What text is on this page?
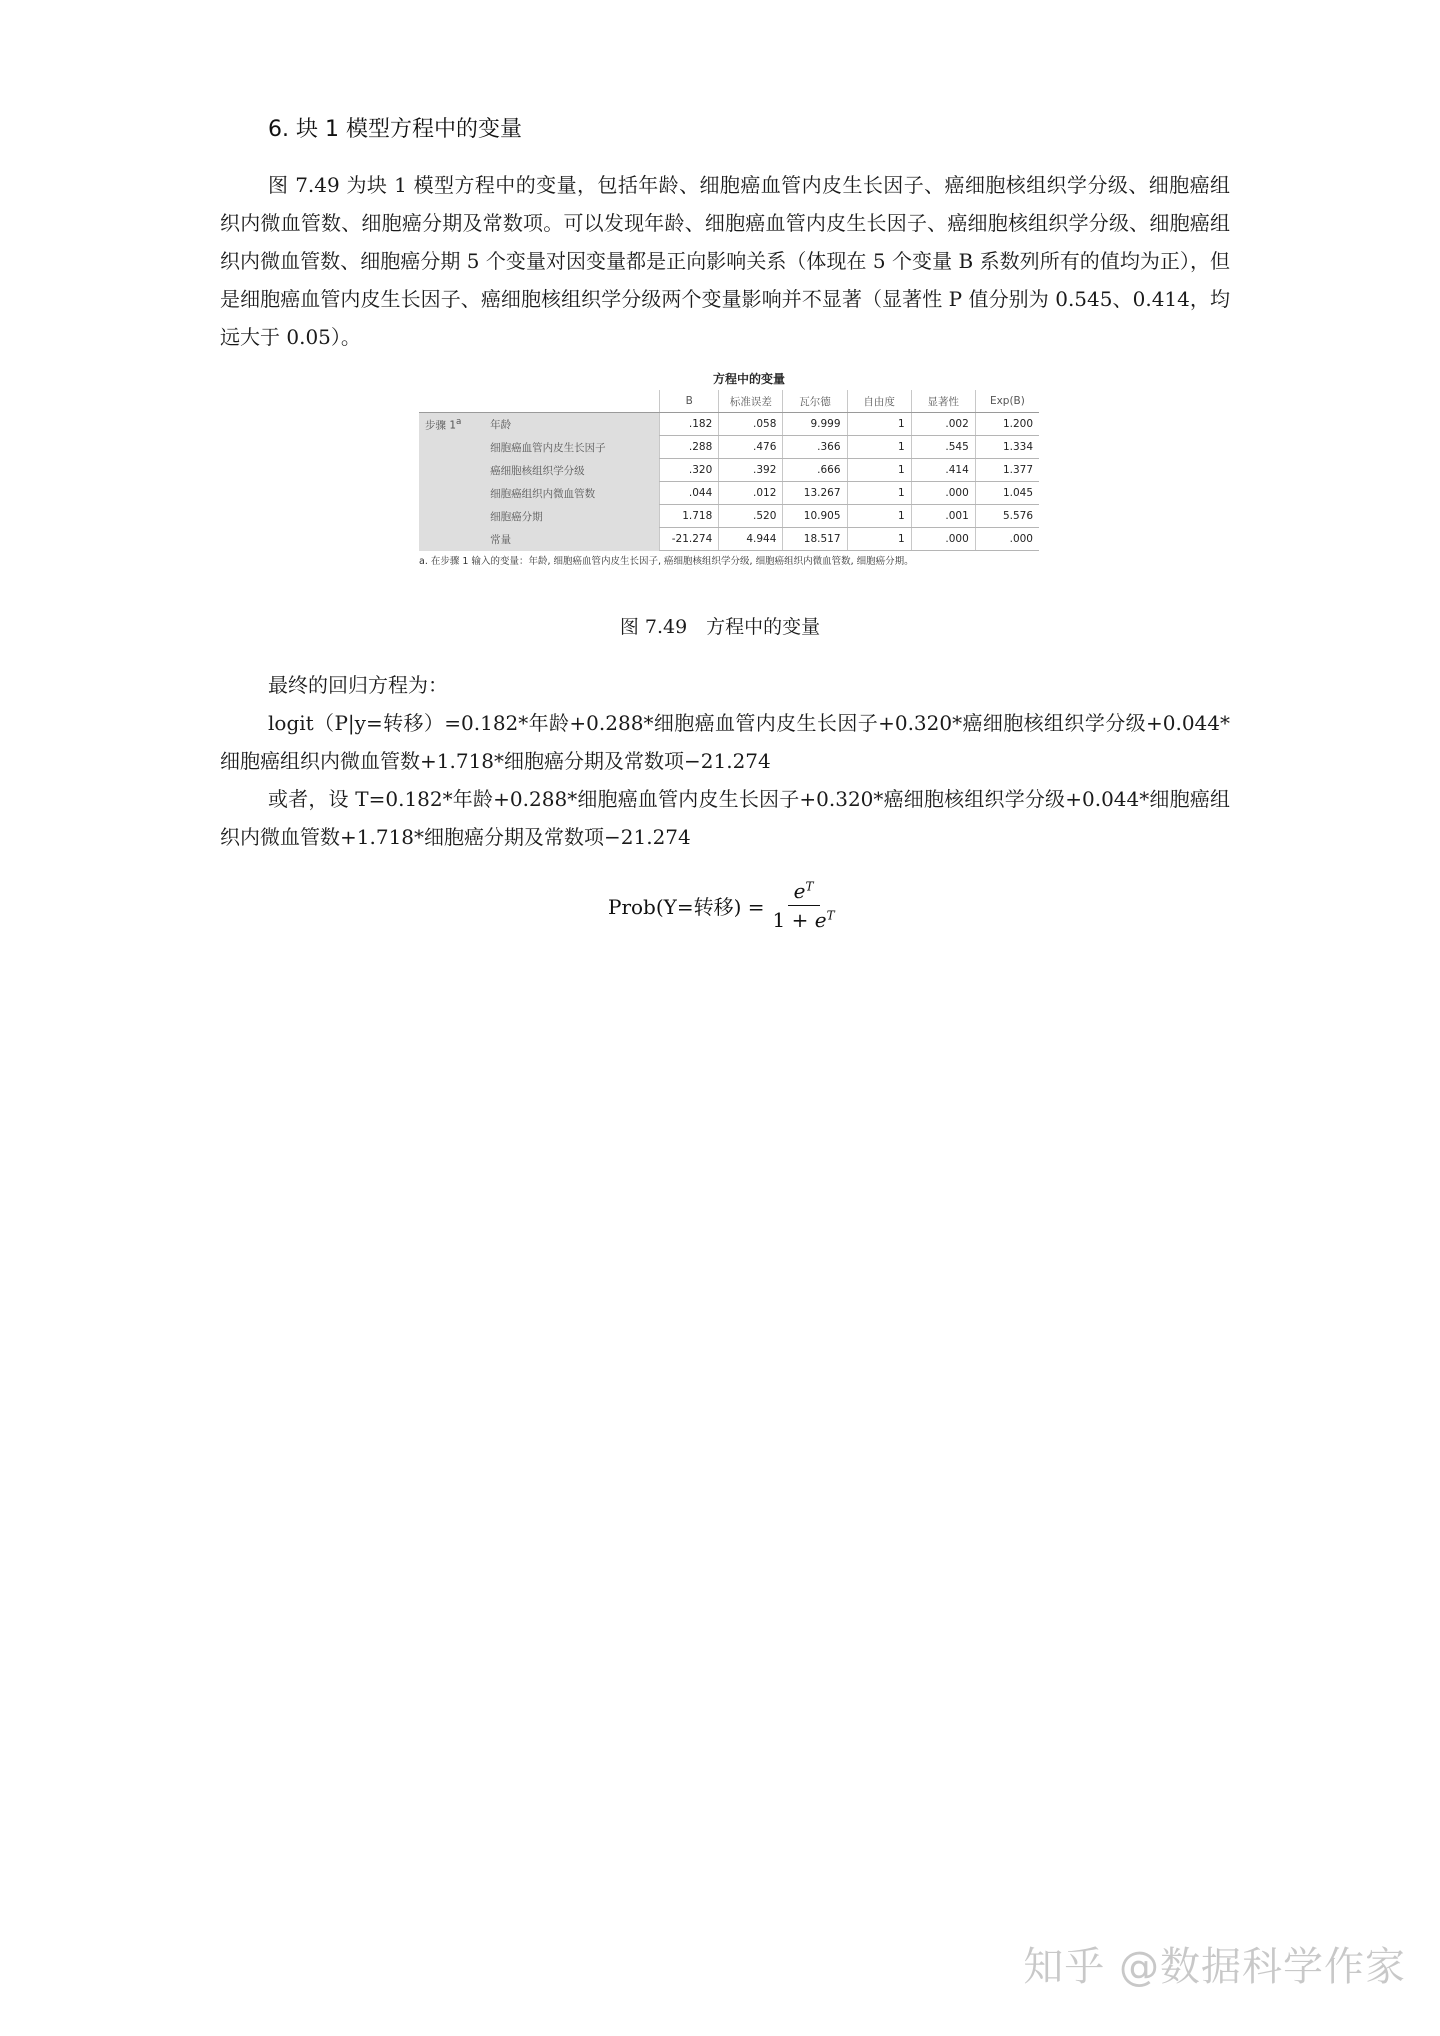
6. 块 1 模型方程中的变量

图 7.49 为块 1 模型方程中的变量，包括年龄、细胞癌血管内皮生长因子、癌细胞核组织学分级、细胞癌组织内微血管数、细胞癌分期及常数项。可以发现年龄、细胞癌血管内皮生长因子、癌细胞核组织学分级、细胞癌组织内微血管数、细胞癌分期 5 个变量对因变量都是正向影响关系（体现在 5 个变量 B 系数列所有的值均为正），但是细胞癌血管内皮生长因子、癌细胞核组织学分级两个变量影响并不显著（显著性 P 值分别为 0.545、0.414，均远大于 0.05）。

方程中的变量
		B	标准误差	瓦尔德	自由度	显著性	Exp(B)
步骤 1$^a$	年龄	.182	.058	9.999	1	.002	1.200
	细胞癌血管内皮生长因子	.288	.476	.366	1	.545	1.334
	癌细胞核组织学分级	.320	.392	.666	1	.414	1.377
	细胞癌组织内微血管数	.044	.012	13.267	1	.000	1.045
	细胞癌分期	1.718	.520	10.905	1	.001	5.576
	常量	-21.274	4.944	18.517	1	.000	.000
a. 在步骤 1 输入的变量：年龄, 细胞癌血管内皮生长因子, 癌细胞核组织学分级, 细胞癌组织内微血管数, 细胞癌分期。
图 7.49　方程中的变量

最终的回归方程为：

logit（P|y=转移）=0.182*年龄+0.288*细胞癌血管内皮生长因子+0.320*癌细胞核组织学分级+0.044*细胞癌组织内微血管数+1.718*细胞癌分期及常数项−21.274

或者，设 T=0.182*年龄+0.288*细胞癌血管内皮生长因子+0.320*癌细胞核组织学分级+0.044*细胞癌组织内微血管数+1.718*细胞癌分期及常数项−21.274

Prob(Y=转移) = $\frac{e^T}{1 + e^T}$
知乎 @数据科学作家
